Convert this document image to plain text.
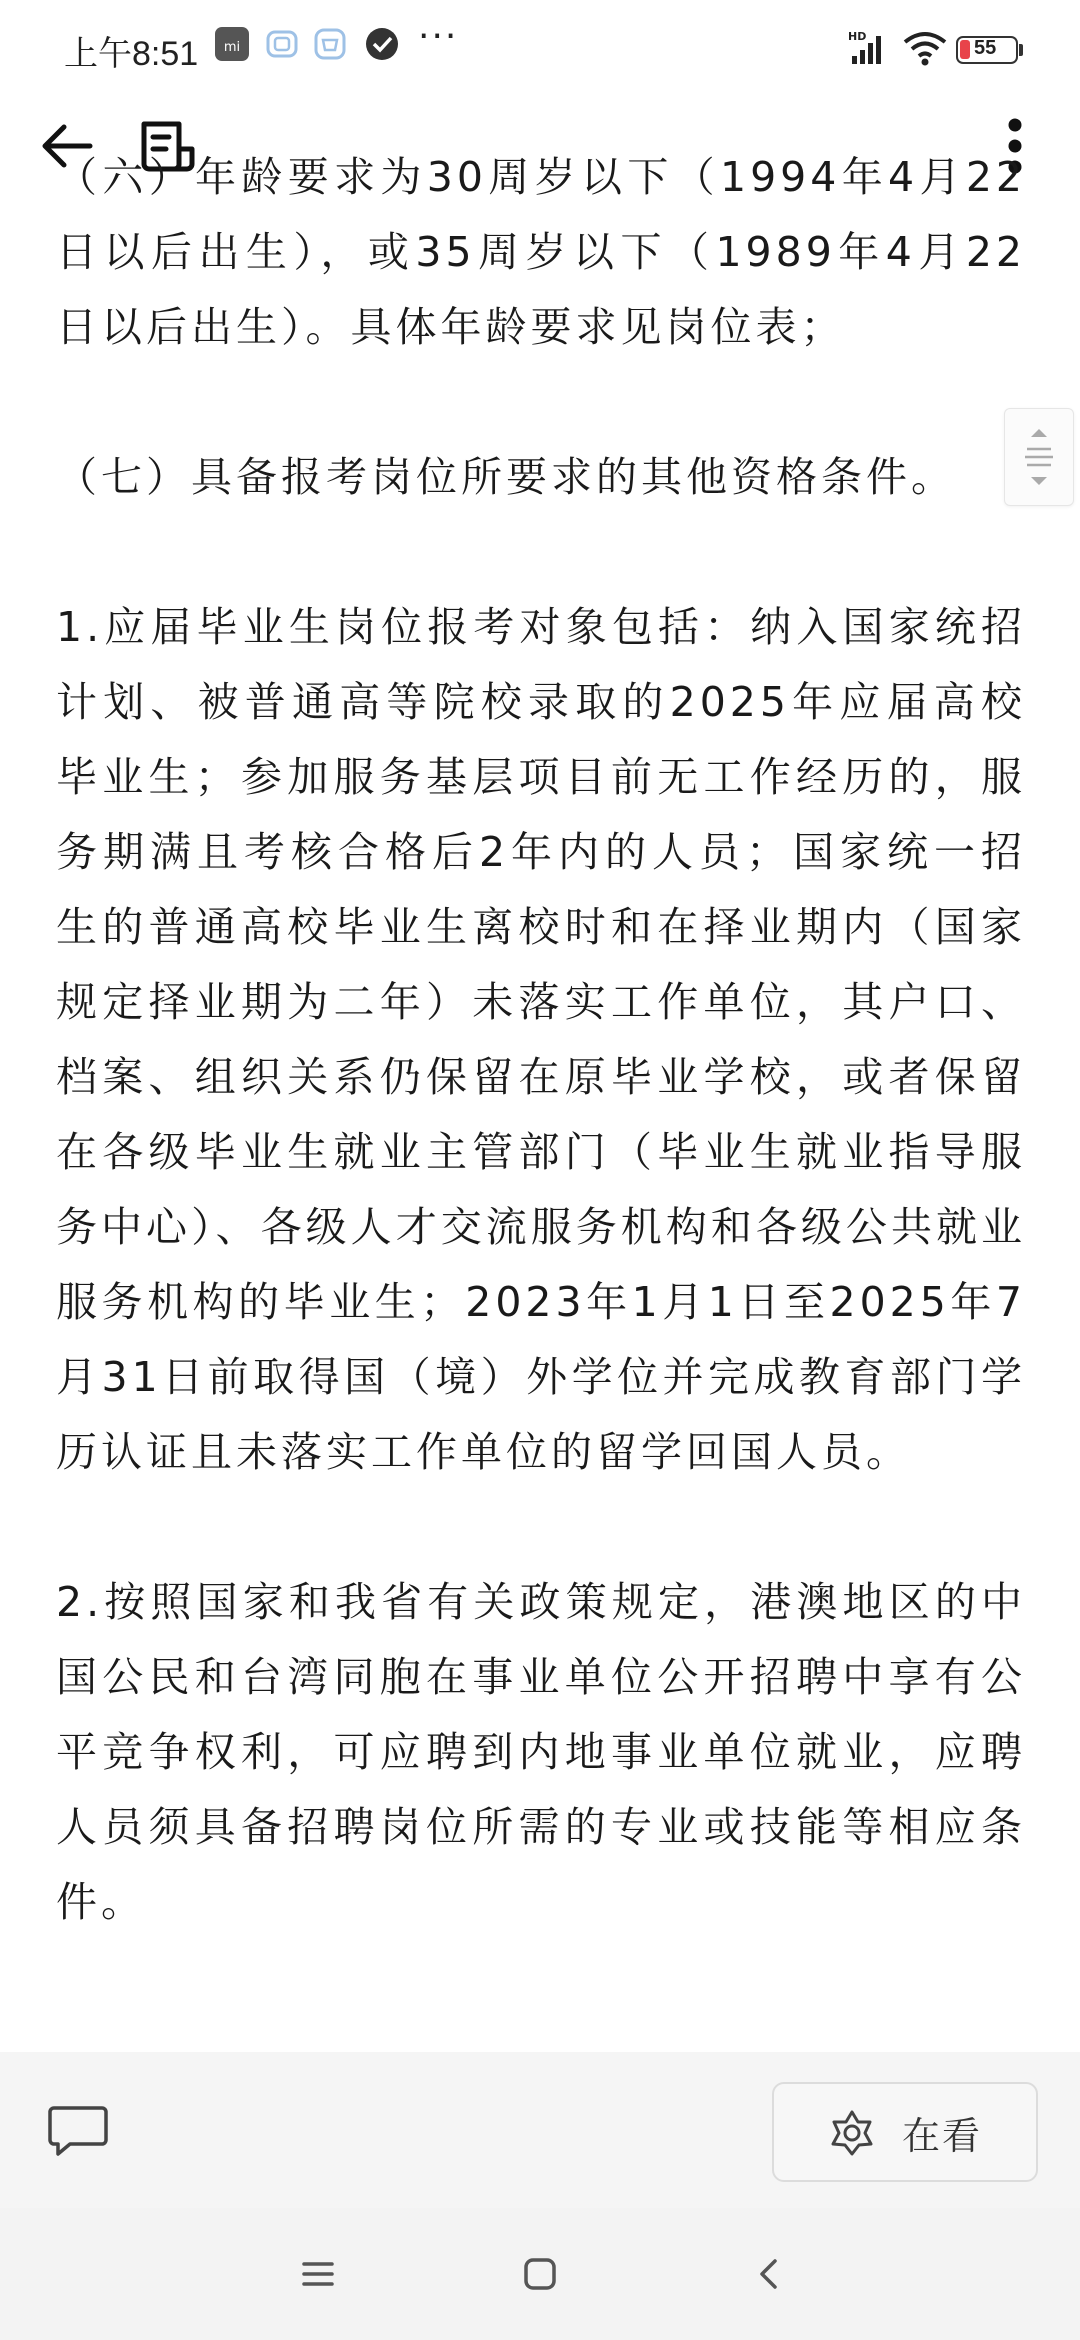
上午8:51 mi	···	HD
55

（六）年龄要求为30周岁以下（1994年4月22日以后出生），或35周岁以下（1989年4月22日以后出生）。具体年龄要求见岗位表；

（七）具备报考岗位所要求的其他资格条件。

1.应届毕业生岗位报考对象包括：纳入国家统招计划、被普通高等院校录取的2025年应届高校毕业生；参加服务基层项目前无工作经历的，服务期满且考核合格后2年内的人员；国家统一招生的普通高校毕业生离校时和在择业期内（国家规定择业期为二年）未落实工作单位，其户口、档案、组织关系仍保留在原毕业学校，或者保留在各级毕业生就业主管部门（毕业生就业指导服务中心）、各级人才交流服务机构和各级公共就业服务机构的毕业生；2023年1月1日至2025年7月31日前取得国（境）外学位并完成教育部门学历认证且未落实工作单位的留学回国人员。

2.按照国家和我省有关政策规定，港澳地区的中国公民和台湾同胞在事业单位公开招聘中享有公平竞争权利，可应聘到内地事业单位就业，应聘人员须具备招聘岗位所需的专业或技能等相应条件。

在看
